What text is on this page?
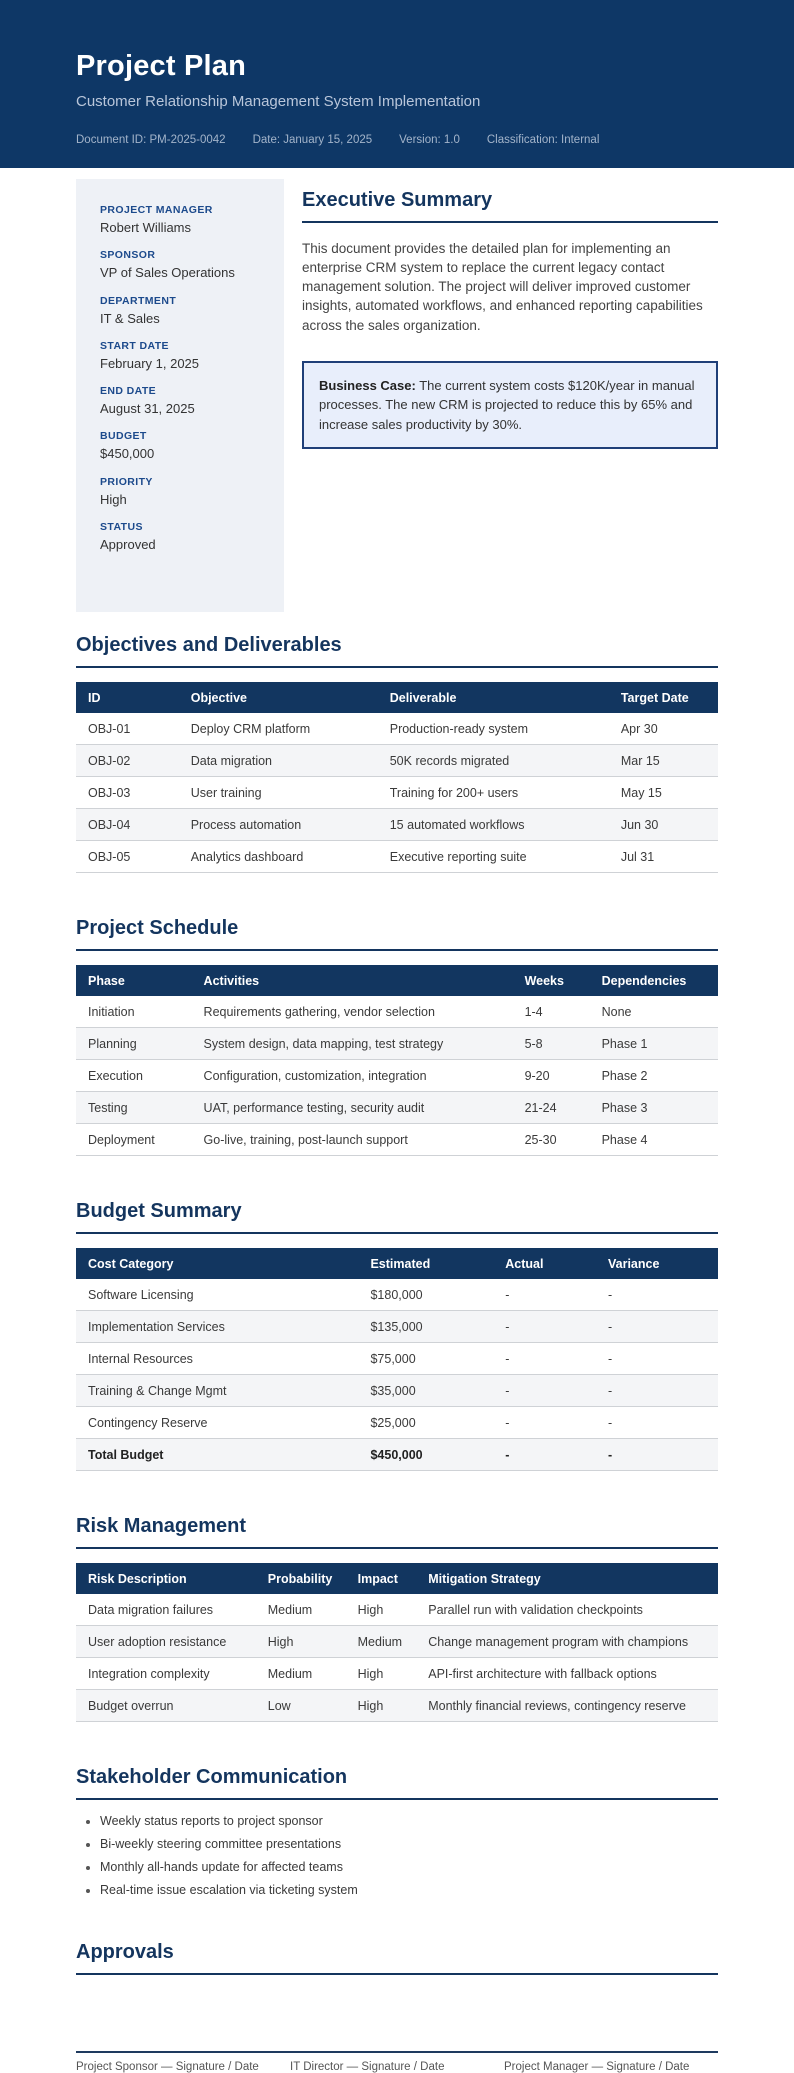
Project Plan
Customer Relationship Management System Implementation
Document ID: PM-2025-0042 Date: January 15, 2025 Version: 1.0 Classification: Internal
PROJECT MANAGER
Robert Williams
SPONSOR
VP of Sales Operations
DEPARTMENT
IT & Sales
START DATE
February 1, 2025
END DATE
August 31, 2025
BUDGET
$450,000
PRIORITY
High
STATUS
Approved
Executive Summary

This document provides the detailed plan for implementing an enterprise CRM system to replace the current legacy contact management solution. The project will deliver improved customer insights, automated workflows, and enhanced reporting capabilities across the sales organization.

Business Case: The current system costs $120K/year in manual processes. The new CRM is projected to reduce this by 65% and increase sales productivity by 30%.
Objectives and Deliverables
ID	Objective	Deliverable	Target Date
OBJ-01	Deploy CRM platform	Production-ready system	Apr 30
OBJ-02	Data migration	50K records migrated	Mar 15
OBJ-03	User training	Training for 200+ users	May 15
OBJ-04	Process automation	15 automated workflows	Jun 30
OBJ-05	Analytics dashboard	Executive reporting suite	Jul 31
Project Schedule
Phase	Activities	Weeks	Dependencies
Initiation	Requirements gathering, vendor selection	1-4	None
Planning	System design, data mapping, test strategy	5-8	Phase 1
Execution	Configuration, customization, integration	9-20	Phase 2
Testing	UAT, performance testing, security audit	21-24	Phase 3
Deployment	Go-live, training, post-launch support	25-30	Phase 4
Budget Summary
Cost Category	Estimated	Actual	Variance
Software Licensing	$180,000	-	-
Implementation Services	$135,000	-	-
Internal Resources	$75,000	-	-
Training & Change Mgmt	$35,000	-	-
Contingency Reserve	$25,000	-	-
Total Budget	$450,000	-	-
Risk Management
Risk Description	Probability	Impact	Mitigation Strategy
Data migration failures	Medium	High	Parallel run with validation checkpoints
User adoption resistance	High	Medium	Change management program with champions
Integration complexity	Medium	High	API-first architecture with fallback options
Budget overrun	Low	High	Monthly financial reviews, contingency reserve
Stakeholder Communication
• Weekly status reports to project sponsor
• Bi-weekly steering committee presentations
• Monthly all-hands update for affected teams
• Real-time issue escalation via ticketing system
Approvals
Project Sponsor — Signature / Date	IT Director — Signature / Date	Project Manager — Signature / Date
